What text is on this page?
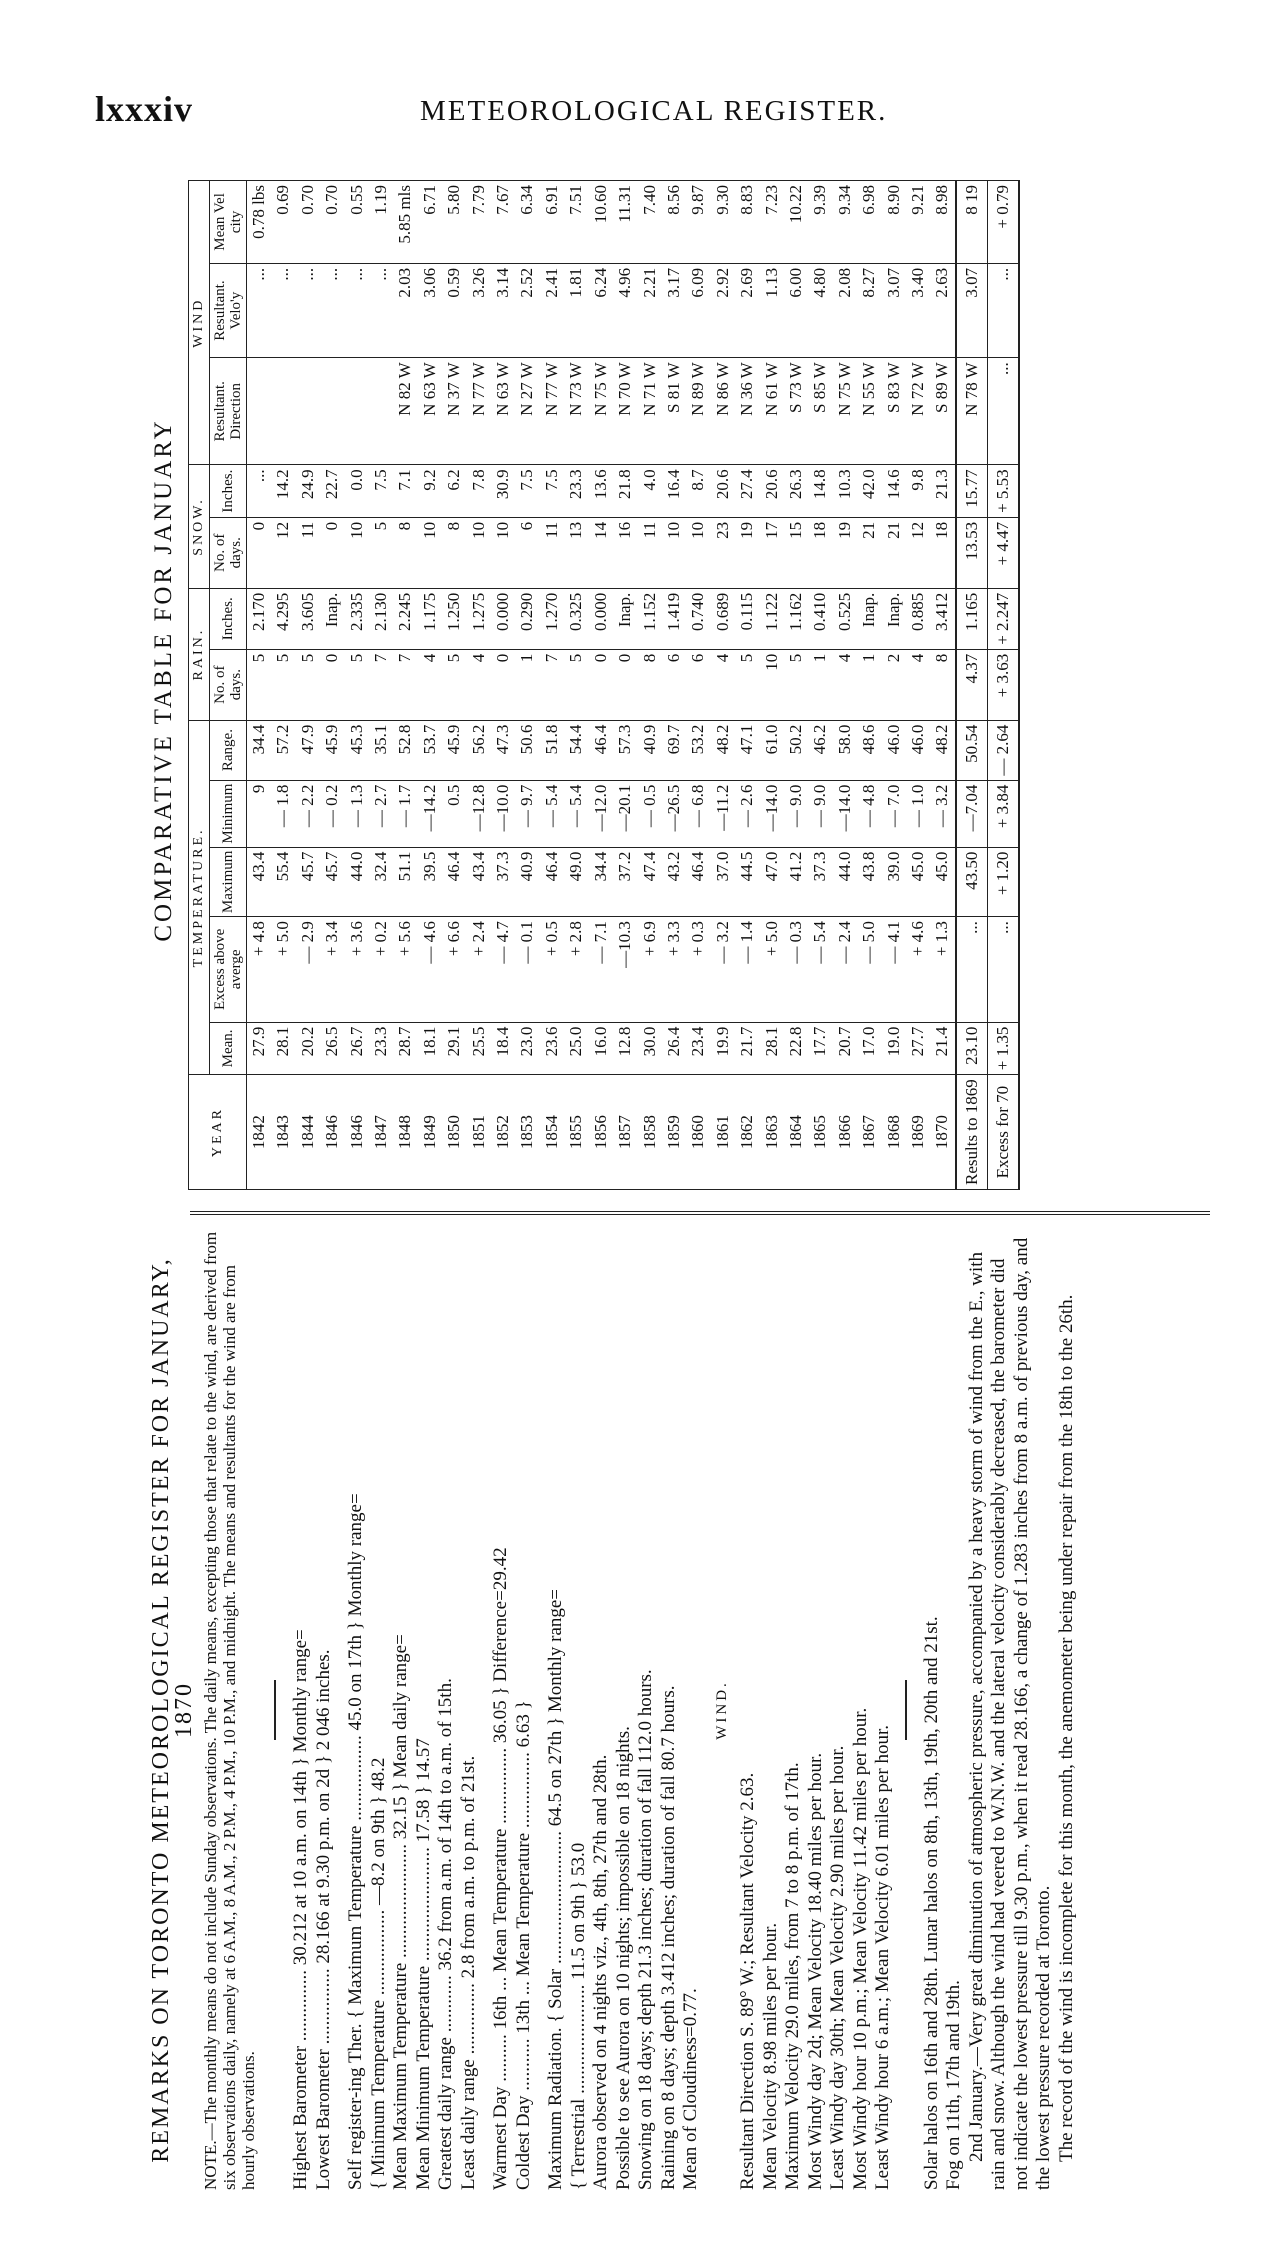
lxxxiv	METEOROLOGICAL REGISTER.
REMARKS ON TORONTO METEOROLOGICAL REGISTER FOR JANUARY, 1870 NOTE.—The monthly means do not include Sunday observations. The daily means, excepting those that relate to the wind, are derived from six observations daily, namely at 6 A.M., 8 A.M., 2 P.M., 4 P.M., 10 P.M., and midnight. The means and resultants for the wind are from hourly observations. Highest Barometer ............... 30.212 at 10 a.m. on 14th } Monthly range= Lowest Barometer ................ 28.166 at 9.30 p.m. on 2d } 2 046 inches. Self register-ing Ther. { Maximum Temperature .................. 45.0 on 17th } Monthly range= { Minimum Temperature .................. —8.2 on 9th } 48.2 Mean Maximum Temperature ........................ 32.15 } Mean daily range= Mean Minimum Temperature ........................ 17.58 } 14.57 Greatest daily range ............ 36.2 from a.m. of 14th to a.m. of 15th. Least daily range ............... 2.8 from a.m. to p.m. of 21st. Warmest Day .......... 16th ... Mean Temperature ................ 36.05 } Difference=29.42 Coldest Day ........... 13th ... Mean Temperature ................ 6.63 } Maximum Radiation. { Solar ............................ 64.5 on 27th } Monthly range= { Terrestrial ....................... 11.5 on 9th } 53.0 Aurora observed on 4 nights viz., 4th, 8th, 27th and 28th. Possible to see Aurora on 10 nights; impossible on 18 nights. Snowing on 18 days; depth 21.3 inches; duration of fall 112.0 hours. Raining on 8 days; depth 3.412 inches; duration of fall 80.7 hours. Mean of Cloudiness=0.77.
WIND.
Resultant Direction S. 89° W.; Resultant Velocity 2.63. Mean Velocity 8.98 miles per hour. Maximum Velocity 29.0 miles, from 7 to 8 p.m. of 17th. Most Windy day 2d; Mean Velocity 18.40 miles per hour. Least Windy day 30th; Mean Velocity 2.90 miles per hour. Most Windy hour 10 p.m.; Mean Velocity 11.42 miles per hour. Least Windy hour 6 a.m.; Mean Velocity 6.01 miles per hour. Solar halos on 16th and 28th. Lunar halos on 8th, 13th, 19th, 20th and 21st. Fog on 11th, 17th and 19th. 2nd January.—Very great diminution of atmospheric pressure, accompanied by a heavy storm of wind from the E., with rain and snow. Although the wind had veered to W.N.W. and the lateral velocity considerably decreased, the barometer did not indicate the lowest pressure till 9.30 p.m., when it read 28.166, a change of 1.283 inches from 8 a.m. of previous day, and the lowest pressure recorded at Toronto. The record of the wind is incomplete for this month, the anemometer being under repair from the 18th to the 26th.

COMPARATIVE TABLE FOR JANUARY
YEAR	TEMPERATURE.					RAIN.		SNOW.		WIND		
	Mean.	Excess above averge	Maximum	Minimum	Range.	No. of days.	Inches.	No. of days.	Inches.	Resultant. Direction	Resultant. Velo'y	Mean Vel city
1842	27.9	+ 4.8	43.4	9	34.4	5	2.170	0	...		...	0.78 lbs
1843	28.1	+ 5.0	55.4	— 1.8	57.2	5	4.295	12	14.2		...	0.69
1844	20.2	— 2.9	45.7	— 2.2	47.9	5	3.605	11	24.9		...	0.70
1846	26.5	+ 3.4	45.7	— 0.2	45.9	0	Inap.	0	22.7		...	0.70
1846	26.7	+ 3.6	44.0	— 1.3	45.3	5	2.335	10	0.0		...	0.55
1847	23.3	+ 0.2	32.4	— 2.7	35.1	7	2.130	5	7.5		...	1.19
1848	28.7	+ 5.6	51.1	— 1.7	52.8	7	2.245	8	7.1	N 82 W	2.03	5.85 mls
1849	18.1	— 4.6	39.5	—14.2	53.7	4	1.175	10	9.2	N 63 W	3.06	6.71
1850	29.1	+ 6.6	46.4	0.5	45.9	5	1.250	8	6.2	N 37 W	0.59	5.80
1851	25.5	+ 2.4	43.4	—12.8	56.2	4	1.275	10	7.8	N 77 W	3.26	7.79
1852	18.4	— 4.7	37.3	—10.0	47.3	0	0.000	10	30.9	N 63 W	3.14	7.67
1853	23.0	— 0.1	40.9	— 9.7	50.6	1	0.290	6	7.5	N 27 W	2.52	6.34
1854	23.6	+ 0.5	46.4	— 5.4	51.8	7	1.270	11	7.5	N 77 W	2.41	6.91
1855	25.0	+ 2.8	49.0	— 5.4	54.4	5	0.325	13	23.3	N 73 W	1.81	7.51
1856	16.0	— 7.1	34.4	—12.0	46.4	0	0.000	14	13.6	N 75 W	6.24	10.60
1857	12.8	—10.3	37.2	—20.1	57.3	0	Inap.	16	21.8	N 70 W	4.96	11.31
1858	30.0	+ 6.9	47.4	— 0.5	40.9	8	1.152	11	4.0	N 71 W	2.21	7.40
1859	26.4	+ 3.3	43.2	—26.5	69.7	6	1.419	10	16.4	S 81 W	3.17	8.56
1860	23.4	+ 0.3	46.4	— 6.8	53.2	6	0.740	10	8.7	N 89 W	6.09	9.87
1861	19.9	— 3.2	37.0	—11.2	48.2	4	0.689	23	20.6	N 86 W	2.92	9.30
1862	21.7	— 1.4	44.5	— 2.6	47.1	5	0.115	19	27.4	N 36 W	2.69	8.83
1863	28.1	+ 5.0	47.0	—14.0	61.0	10	1.122	17	20.6	N 61 W	1.13	7.23
1864	22.8	— 0.3	41.2	— 9.0	50.2	5	1.162	15	26.3	S 73 W	6.00	10.22
1865	17.7	— 5.4	37.3	— 9.0	46.2	1	0.410	18	14.8	S 85 W	4.80	9.39
1866	20.7	— 2.4	44.0	—14.0	58.0	4	0.525	19	10.3	N 75 W	2.08	9.34
1867	17.0	— 5.0	43.8	— 4.8	48.6	1	Inap.	21	42.0	N 55 W	8.27	6.98
1868	19.0	— 4.1	39.0	— 7.0	46.0	2	Inap.	21	14.6	S 83 W	3.07	8.90
1869	27.7	+ 4.6	45.0	— 1.0	46.0	4	0.885	12	9.8	N 72 W	3.40	9.21
1870	21.4	+ 1.3	45.0	— 3.2	48.2	8	3.412	18	21.3	S 89 W	2.63	8.98
Results to 1869	23.10	...	43.50	—7.04	50.54	4.37	1.165	13.53	15.77	N 78 W	3.07	8 19
Excess for 70	+ 1.35	...	+ 1.20	+ 3.84	— 2.64	+ 3.63	+ 2.247	+ 4.47	+ 5.53	...	...	+ 0.79
